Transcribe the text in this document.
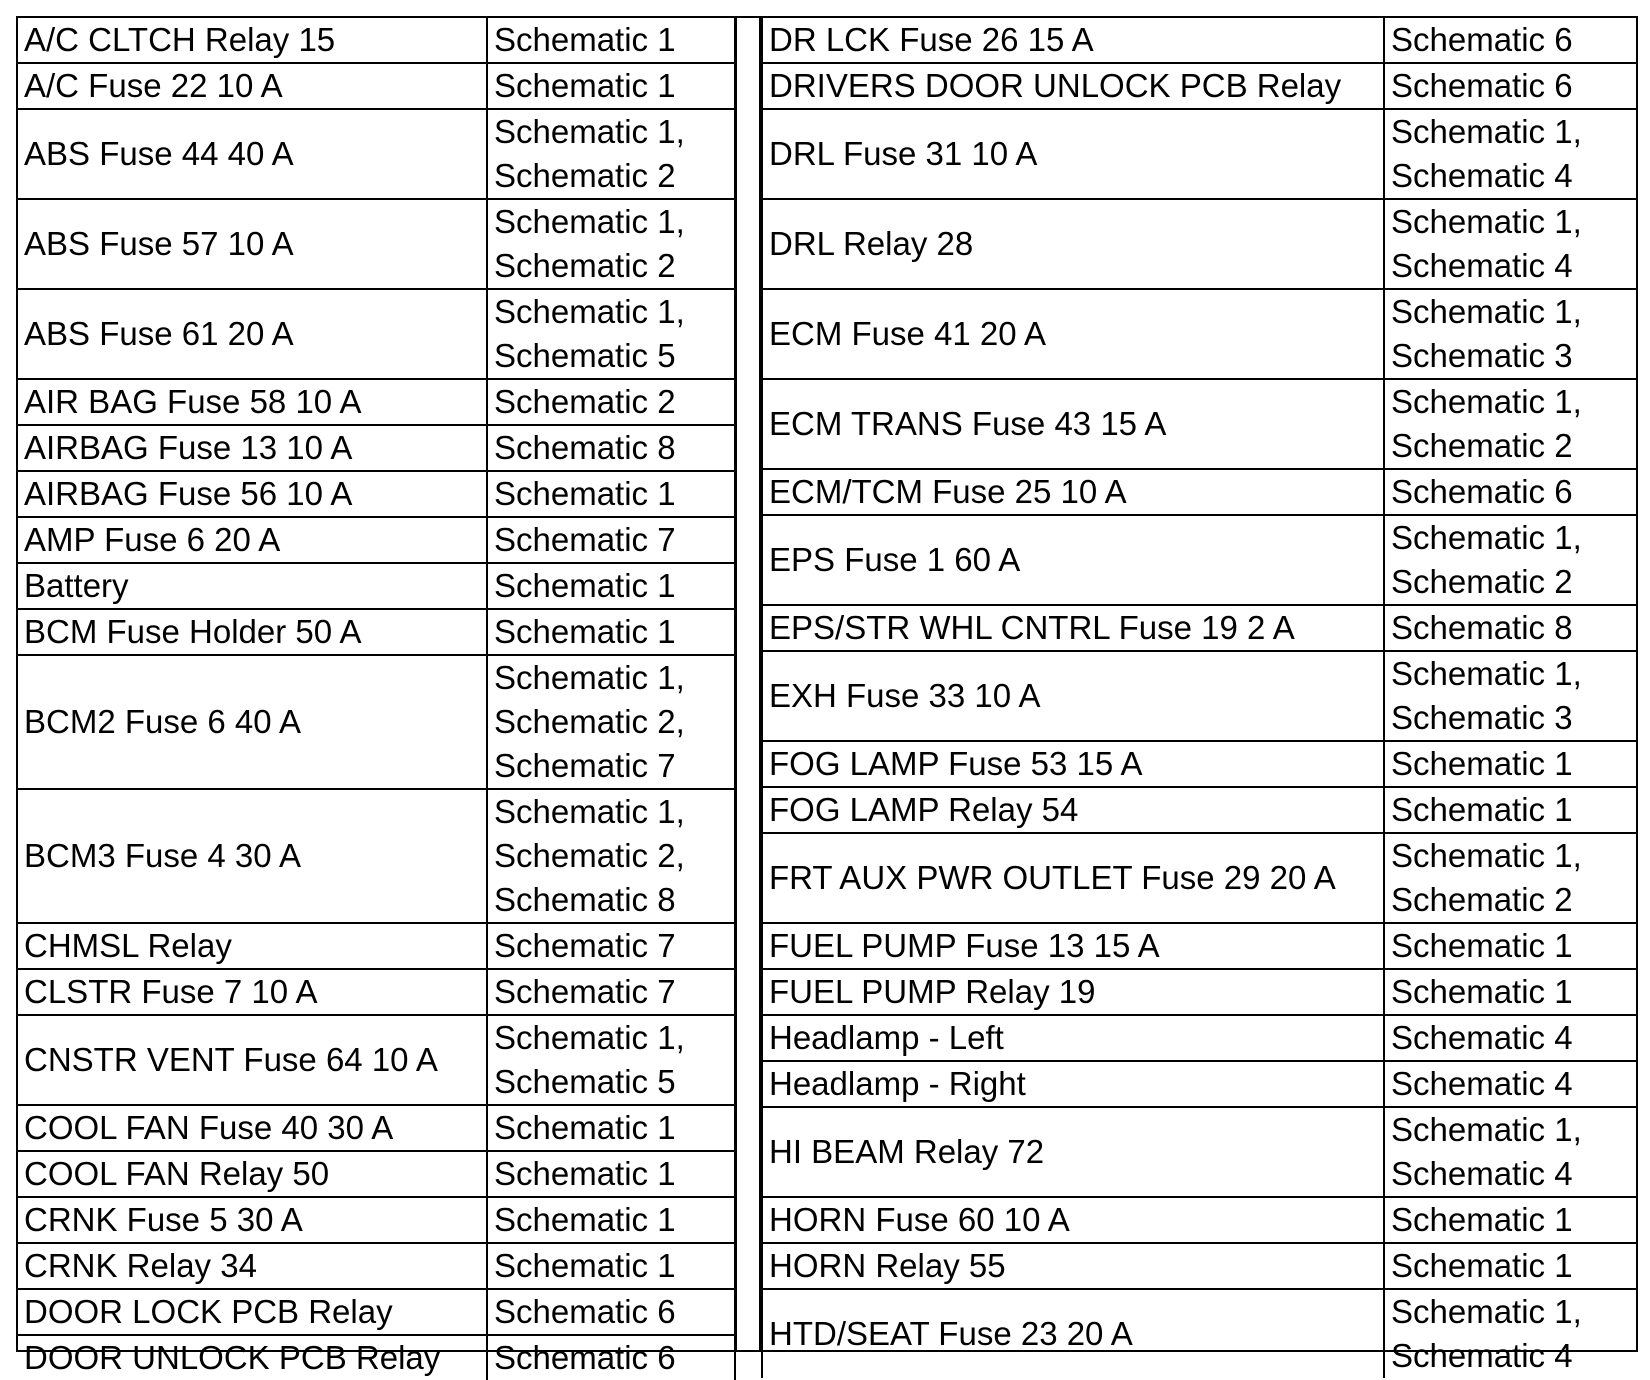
A/C CLTCH Relay 15	Schematic 1
A/C Fuse 22 10 A	Schematic 1
ABS Fuse 44 40 A	Schematic 1,
Schematic 2
ABS Fuse 57 10 A	Schematic 1,
Schematic 2
ABS Fuse 61 20 A	Schematic 1,
Schematic 5
AIR BAG Fuse 58 10 A	Schematic 2
AIRBAG Fuse 13 10 A	Schematic 8
AIRBAG Fuse 56 10 A	Schematic 1
AMP Fuse 6 20 A	Schematic 7
Battery	Schematic 1
BCM Fuse Holder 50 A	Schematic 1
BCM2 Fuse 6 40 A	Schematic 1,
Schematic 2,
Schematic 7
BCM3 Fuse 4 30 A	Schematic 1,
Schematic 2,
Schematic 8
CHMSL Relay	Schematic 7
CLSTR Fuse 7 10 A	Schematic 7
CNSTR VENT Fuse 64 10 A	Schematic 1,
Schematic 5
COOL FAN Fuse 40 30 A	Schematic 1
COOL FAN Relay 50	Schematic 1
CRNK Fuse 5 30 A	Schematic 1
CRNK Relay 34	Schematic 1
DOOR LOCK PCB Relay	Schematic 6
DOOR UNLOCK PCB Relay	Schematic 6
DR LCK Fuse 26 15 A	Schematic 6
DRIVERS DOOR UNLOCK PCB Relay	Schematic 6
DRL Fuse 31 10 A	Schematic 1,
Schematic 4
DRL Relay 28	Schematic 1,
Schematic 4
ECM Fuse 41 20 A	Schematic 1,
Schematic 3
ECM TRANS Fuse 43 15 A	Schematic 1,
Schematic 2
ECM/TCM Fuse 25 10 A	Schematic 6
EPS Fuse 1 60 A	Schematic 1,
Schematic 2
EPS/STR WHL CNTRL Fuse 19 2 A	Schematic 8
EXH Fuse 33 10 A	Schematic 1,
Schematic 3
FOG LAMP Fuse 53 15 A	Schematic 1
FOG LAMP Relay 54	Schematic 1
FRT AUX PWR OUTLET Fuse 29 20 A	Schematic 1,
Schematic 2
FUEL PUMP Fuse 13 15 A	Schematic 1
FUEL PUMP Relay 19	Schematic 1
Headlamp - Left	Schematic 4
Headlamp - Right	Schematic 4
HI BEAM Relay 72	Schematic 1,
Schematic 4
HORN Fuse 60 10 A	Schematic 1
HORN Relay 55	Schematic 1
HTD/SEAT Fuse 23 20 A	Schematic 1,
Schematic 4
